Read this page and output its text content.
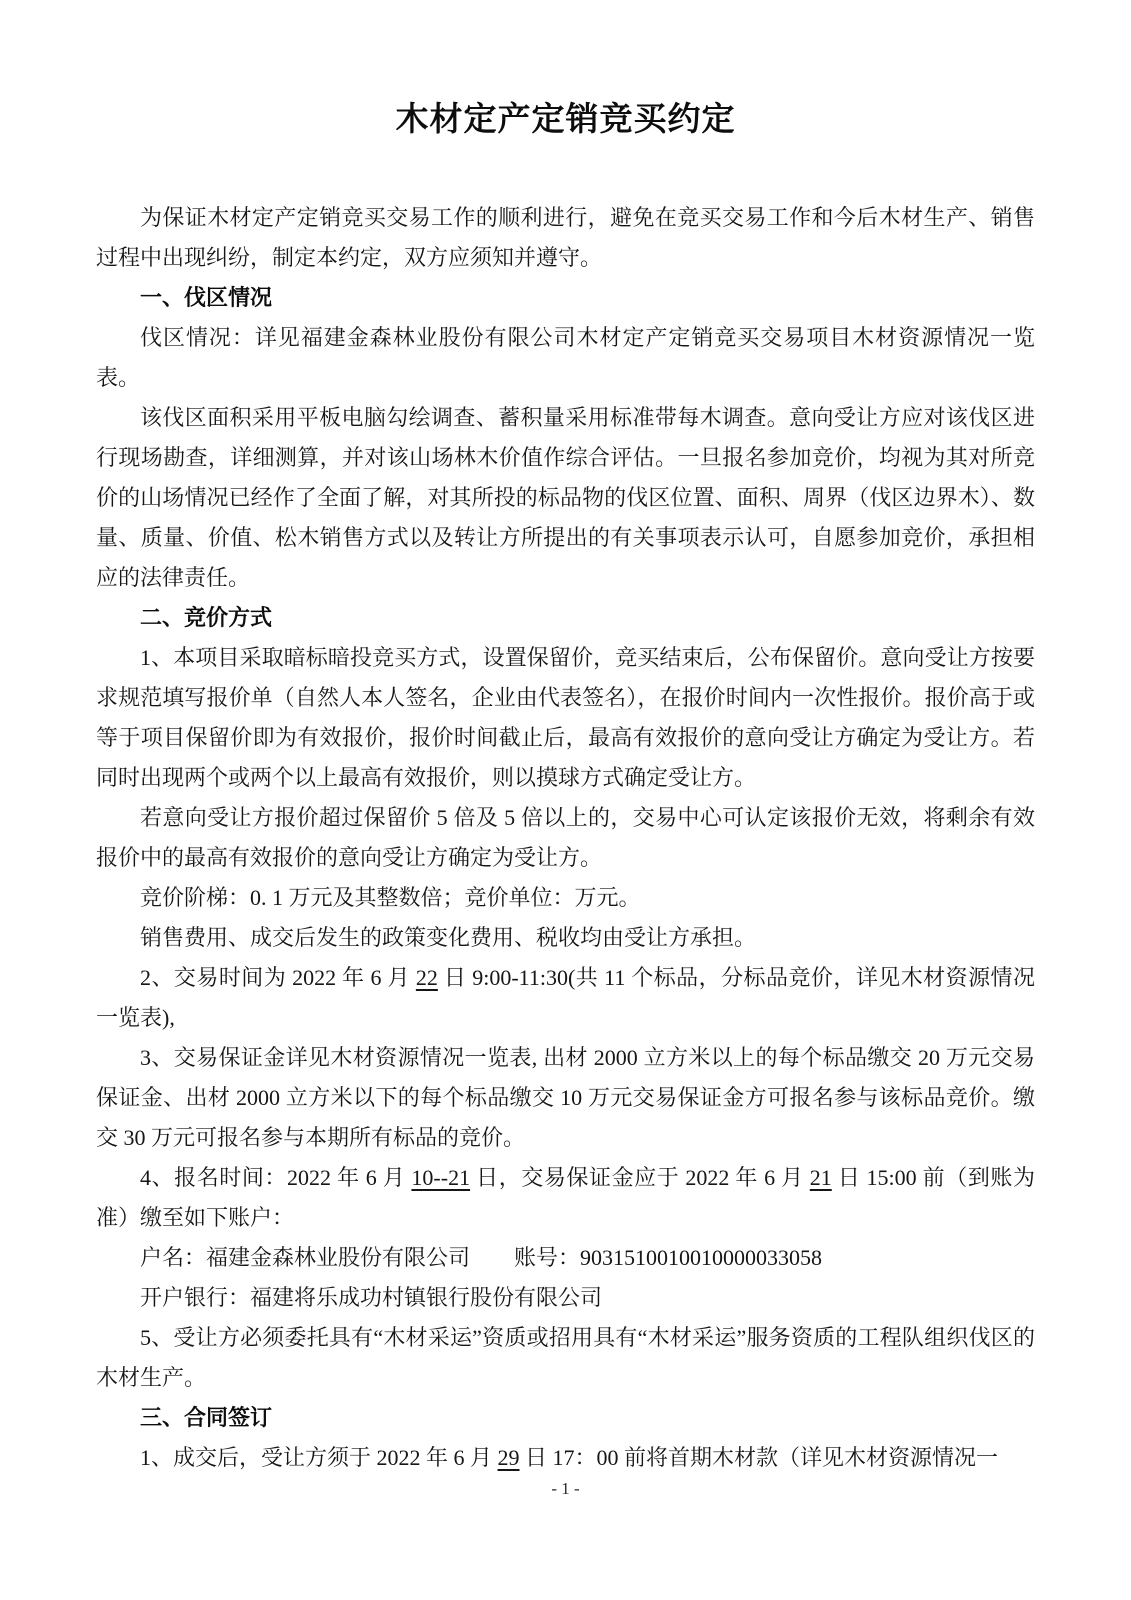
木材定产定销竞买约定

为保证木材定产定销竞买交易工作的顺利进行，避免在竞买交易工作和今后木材生产、销售过程中出现纠纷，制定本约定，双方应须知并遵守。

一、伐区情况

伐区情况：详见福建金森林业股份有限公司木材定产定销竞买交易项目木材资源情况一览表。

该伐区面积采用平板电脑勾绘调查、蓄积量采用标准带每木调查。意向受让方应对该伐区进行现场勘查，详细测算，并对该山场林木价值作综合评估。一旦报名参加竞价，均视为其对所竞价的山场情况已经作了全面了解，对其所投的标品物的伐区位置、面积、周界（伐区边界木）、数量、质量、价值、松木销售方式以及转让方所提出的有关事项表示认可，自愿参加竞价，承担相应的法律责任。

二、竞价方式

1、本项目采取暗标暗投竞买方式，设置保留价，竞买结束后，公布保留价。意向受让方按要求规范填写报价单（自然人本人签名，企业由代表签名），在报价时间内一次性报价。报价高于或等于项目保留价即为有效报价，报价时间截止后，最高有效报价的意向受让方确定为受让方。若同时出现两个或两个以上最高有效报价，则以摸球方式确定受让方。

若意向受让方报价超过保留价 5 倍及 5 倍以上的，交易中心可认定该报价无效，将剩余有效报价中的最高有效报价的意向受让方确定为受让方。

竞价阶梯：0. 1 万元及其整数倍；竞价单位：万元。

销售费用、成交后发生的政策变化费用、税收均由受让方承担。

2、交易时间为 2022 年 6 月 22 日 9:00-11:30(共 11 个标品，分标品竞价，详见木材资源情况一览表),

3、交易保证金详见木材资源情况一览表, 出材 2000 立方米以上的每个标品缴交 20 万元交易保证金、出材 2000 立方米以下的每个标品缴交 10 万元交易保证金方可报名参与该标品竞价。缴交 30 万元可报名参与本期所有标品的竞价。

4、报名时间：2022 年 6 月 10--21 日，交易保证金应于 2022 年 6 月 21 日 15:00 前（到账为准）缴至如下账户：

户名：福建金森林业股份有限公司　　账号：9031510010010000033058

开户银行：福建将乐成功村镇银行股份有限公司

5、受让方必须委托具有“木材采运”资质或招用具有“木材采运”服务资质的工程队组织伐区的木材生产。

三、合同签订

1、成交后，受让方须于 2022 年 6 月 29 日 17：00 前将首期木材款（详见木材资源情况一

- 1 -
